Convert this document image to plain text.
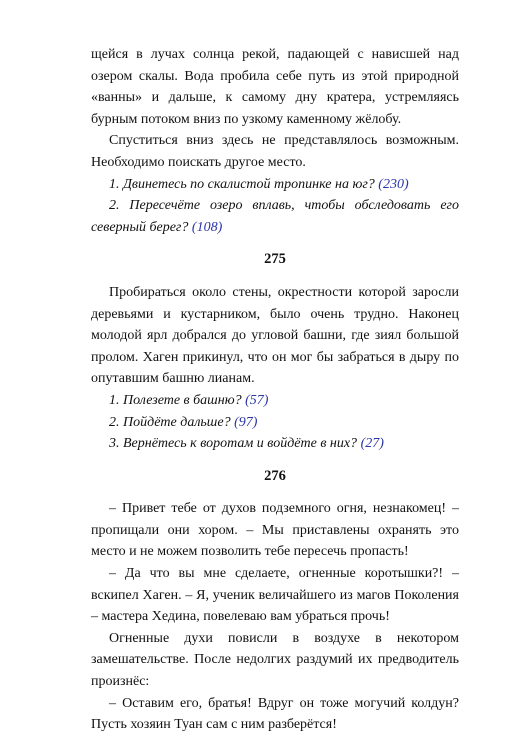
щейся в лучах солнца рекой, падающей с нависшей над озером скалы. Вода пробила себе путь из этой природной «ванны» и дальше, к самому дну кратера, устремляясь бурным потоком вниз по узкому каменному жёлобу.

Спуститься вниз здесь не представлялось возможным. Необходимо поискать другое место.

1. Двинетесь по скалистой тропинке на юг? (230)

2. Пересечёте озеро вплавь, чтобы обследовать его северный берег? (108)

275

Пробираться около стены, окрестности которой заросли деревьями и кустарником, было очень трудно. Наконец молодой ярл добрался до угловой башни, где зиял большой пролом. Хаген прикинул, что он мог бы забраться в дыру по опутавшим башню лианам.

1. Полезете в башню? (57)

2. Пойдёте дальше? (97)

3. Вернётесь к воротам и войдёте в них? (27)

276

– Привет тебе от духов подземного огня, незнакомец! – пропищали они хором. – Мы приставлены охранять это место и не можем позволить тебе пересечь пропасть!

– Да что вы мне сделаете, огненные коротышки?! – вскипел Хаген. – Я, ученик величайшего из магов Поколения – мастера Хедина, повелеваю вам убраться прочь!

Огненные духи повисли в воздухе в некотором замешательстве. После недолгих раздумий их предводитель произнёс:

– Оставим его, братья! Вдруг он тоже могучий колдун? Пусть хозяин Туан сам с ним разберётся!
